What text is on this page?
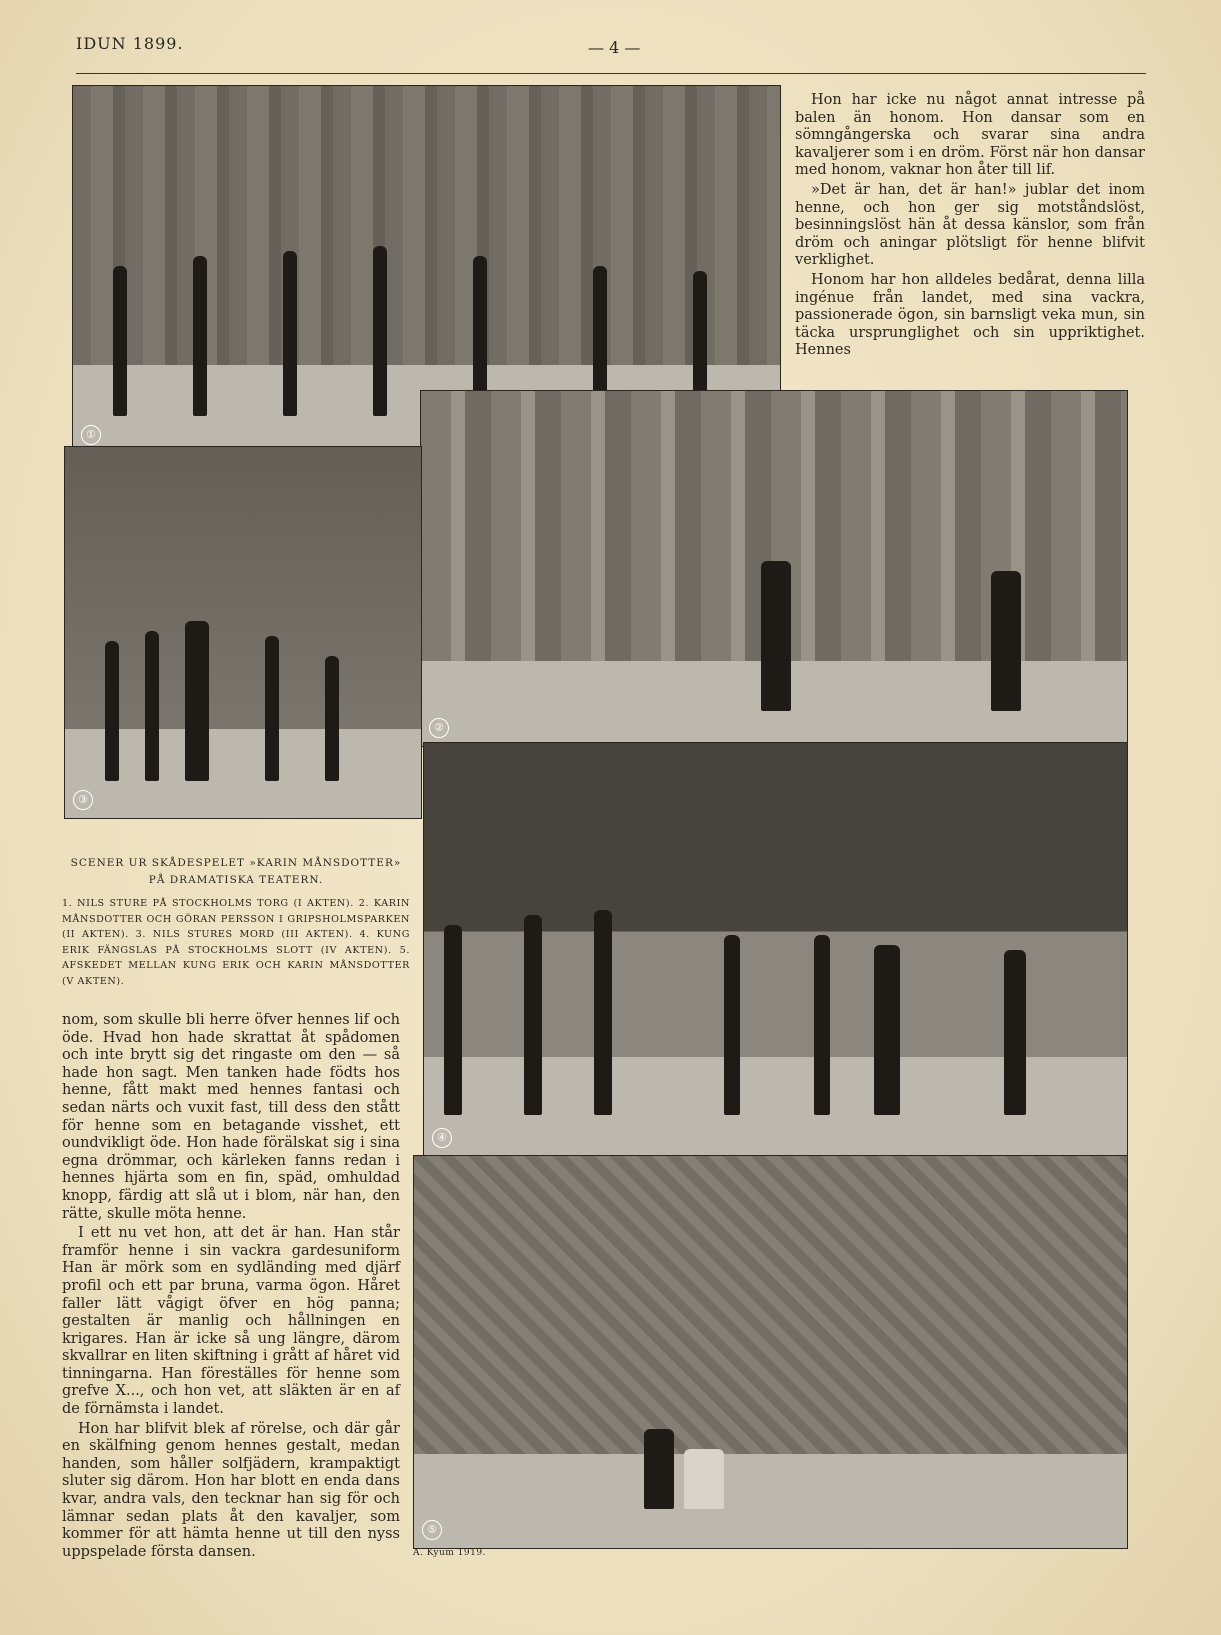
IDUN 1899.	— 4 —
①
②
③
④
⑤

Hon har icke nu något annat intresse på balen än honom. Hon dansar som en sömngångerska och svarar sina andra kavaljerer som i en dröm. Först när hon dansar med honom, vaknar hon åter till lif.

»Det är han, det är han!» jublar det inom henne, och hon ger sig motståndslöst, besinningslöst hän åt dessa känslor, som från dröm och aningar plötsligt för henne blifvit verklighet.

Honom har hon alldeles bedårat, denna lilla ingénue från landet, med sina vackra, passionerade ögon, sin barnsligt veka mun, sin täcka ursprunglighet och sin uppriktighet. Hennes

SCENER UR SKÅDESPELET »KARIN MÅNSDOTTER» PÅ DRAMATISKA TEATERN.
1. NILS STURE PÅ STOCKHOLMS TORG (I AKTEN). 2. KARIN MÅNSDOTTER OCH GÖRAN PERSSON I GRIPSHOLMSPARKEN (II AKTEN). 3. NILS STURES MORD (III AKTEN). 4. KUNG ERIK FÄNGSLAS PÅ STOCKHOLMS SLOTT (IV AKTEN). 5. AFSKEDET MELLAN KUNG ERIK OCH KARIN MÅNSDOTTER (V AKTEN).

nom, som skulle bli herre öfver hennes lif och öde. Hvad hon hade skrattat åt spådomen och inte brytt sig det ringaste om den — så hade hon sagt. Men tanken hade födts hos henne, fått makt med hennes fantasi och sedan närts och vuxit fast, till dess den stått för henne som en betagande visshet, ett oundvikligt öde. Hon hade förälskat sig i sina egna drömmar, och kärleken fanns redan i hennes hjärta som en fin, späd, omhuldad knopp, färdig att slå ut i blom, när han, den rätte, skulle möta henne.

I ett nu vet hon, att det är han. Han står framför henne i sin vackra gardesuniform Han är mörk som en sydländing med djärf profil och ett par bruna, varma ögon. Håret faller lätt vågigt öfver en hög panna; gestalten är manlig och hållningen en krigares. Han är icke så ung längre, därom skvallrar en liten skiftning i grått af håret vid tinningarna. Han föreställes för henne som grefve X..., och hon vet, att släkten är en af de förnämsta i landet.

Hon har blifvit blek af rörelse, och där går en skälfning genom hennes gestalt, medan handen, som håller solfjädern, krampaktigt sluter sig därom. Hon har blott en enda dans kvar, andra vals, den tecknar han sig för och lämnar sedan plats åt den kavaljer, som kommer för att hämta henne ut till den nyss uppspelade första dansen.	A. Kyum 1919.
